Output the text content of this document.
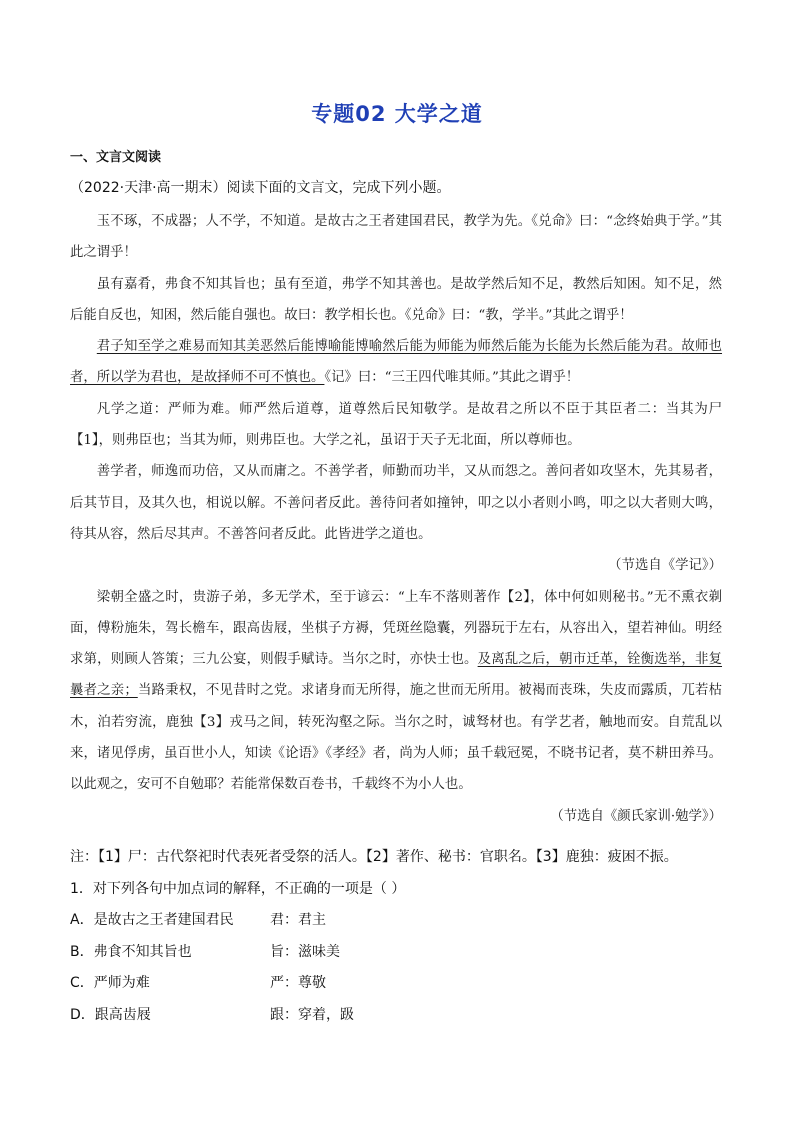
专题02 大学之道
一、文言文阅读
（2022·天津·高一期末）阅读下面的文言文，完成下列小题。

玉不琢，不成器；人不学，不知道。是故古之王者建国君民，教学为先。《兑命》曰：“念终始典于学。”其此之谓乎！

虽有嘉肴，弗食不知其旨也；虽有至道，弗学不知其善也。是故学然后知不足，教然后知困。知不足，然后能自反也，知困，然后能自强也。故曰：教学相长也。《兑命》曰：“教，学半。”其此之谓乎！

君子知至学之难易而知其美恶然后能博喻能博喻然后能为师能为师然后能为长能为长然后能为君。故师也者，所以学为君也，是故择师不可不慎也。《记》曰：“三王四代唯其师。”其此之谓乎！

凡学之道：严师为难。师严然后道尊，道尊然后民知敬学。是故君之所以不臣于其臣者二：当其为尸【1】，则弗臣也；当其为师，则弗臣也。大学之礼，虽诏于天子无北面，所以尊师也。

善学者，师逸而功倍，又从而庸之。不善学者，师勤而功半，又从而怨之。善问者如攻坚木，先其易者，后其节目，及其久也，相说以解。不善问者反此。善待问者如撞钟，叩之以小者则小鸣，叩之以大者则大鸣，待其从容，然后尽其声。不善答问者反此。此皆进学之道也。

（节选自《学记》）

梁朝全盛之时，贵游子弟，多无学术，至于谚云：“上车不落则著作【2】，体中何如则秘书。”无不熏衣剃面，傅粉施朱，驾长檐车，跟高齿屐，坐棋子方褥，凭斑丝隐囊，列器玩于左右，从容出入，望若神仙。明经求第，则顾人答策；三九公宴，则假手赋诗。当尔之时，亦快士也。及离乱之后，朝市迁革，铨衡选举，非复曩者之亲；当路秉权，不见昔时之党。求诸身而无所得，施之世而无所用。被褐而丧珠，失皮而露质，兀若枯木，泊若穷流，鹿独【3】戎马之间，转死沟壑之际。当尔之时，诚驽材也。有学艺者，触地而安。自荒乱以来，诸见俘虏，虽百世小人，知读《论语》《孝经》者，尚为人师；虽千载冠冕，不晓书记者，莫不耕田养马。以此观之，安可不自勉耶？若能常保数百卷书，千载终不为小人也。

（节选自《颜氏家训·勉学》）

注：【1】尸：古代祭祀时代表死者受祭的活人。【2】著作、秘书：官职名。【3】鹿独：疲困不振。
1．对下列各句中加点词的解释，不正确的一项是（ ）
A．是故古之王者建国君民	君：君主
B．弗食不知其旨也	旨：滋味美
C．严师为难	严：尊敬
D．跟高齿屐	跟：穿着，趿
